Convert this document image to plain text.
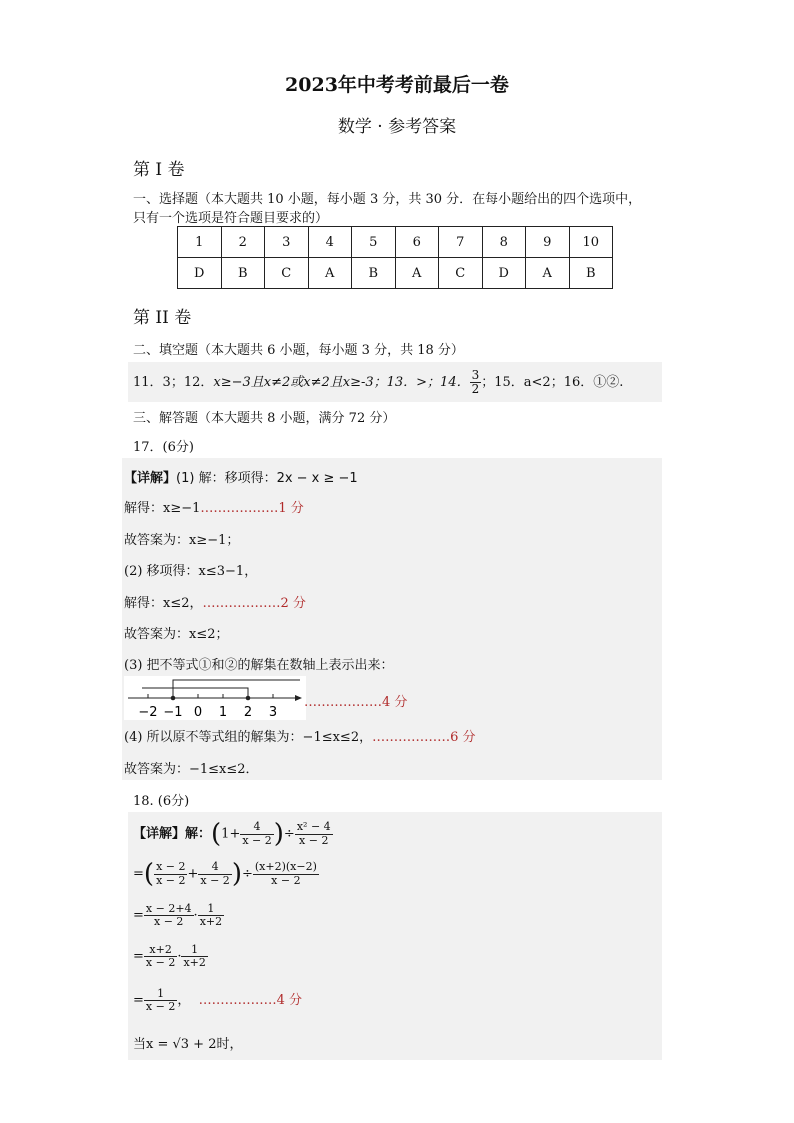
2023年中考考前最后一卷
数学 · 参考答案
第 I 卷
一、选择题（本大题共 10 小题，每小题 3 分，共 30 分．在每小题给出的四个选项中，
只有一个选项是符合题目要求的）
1	2	3	4	5	6	7	8	9	10
D	B	C	A	B	A	C	D	A	B
第 II 卷
二、填空题（本大题共 6 小题，每小题 3 分，共 18 分）
11．3；12．x≥−3且x≠2或x≠2且x≥-3；13．>；14． $\frac{3}{2}$ ；15．a<2；16．①②.
三、解答题（本大题共 8 小题，满分 72 分）
17．(6分)
【详解】(1) 解：移项得：2x − x ≥ −1
解得：x≥−1………………1 分
故答案为：x≥−1；
(2) 移项得：x≤3−1，
解得：x≤2，………………2 分
故答案为：x≤2；
(3) 把不等式①和②的解集在数轴上表示出来：
−2 −1 0 1 2 3
………………4 分
(4) 所以原不等式组的解集为：−1≤x≤2，………………6 分
故答案为：−1≤x≤2．
18. (6分)
【详解】解：($1+ \frac{4}{x - 2}$ )÷ $\frac{\text{x² − 4}}{x - 2}$
=( $\frac{x - 2}{x - 2} + \frac{4}{x - 2}$ )÷ $\frac{(x+2)(x-2)}{x - 2}$
= $\frac{x - 2+4}{x - 2} \cdot \frac{1}{x+2}$
= $\frac{x+2}{x - 2} \cdot \frac{1}{x+2}$
= $\frac{1}{x - 2}$ ，  ………………4 分
当x = √3 + 2时，
